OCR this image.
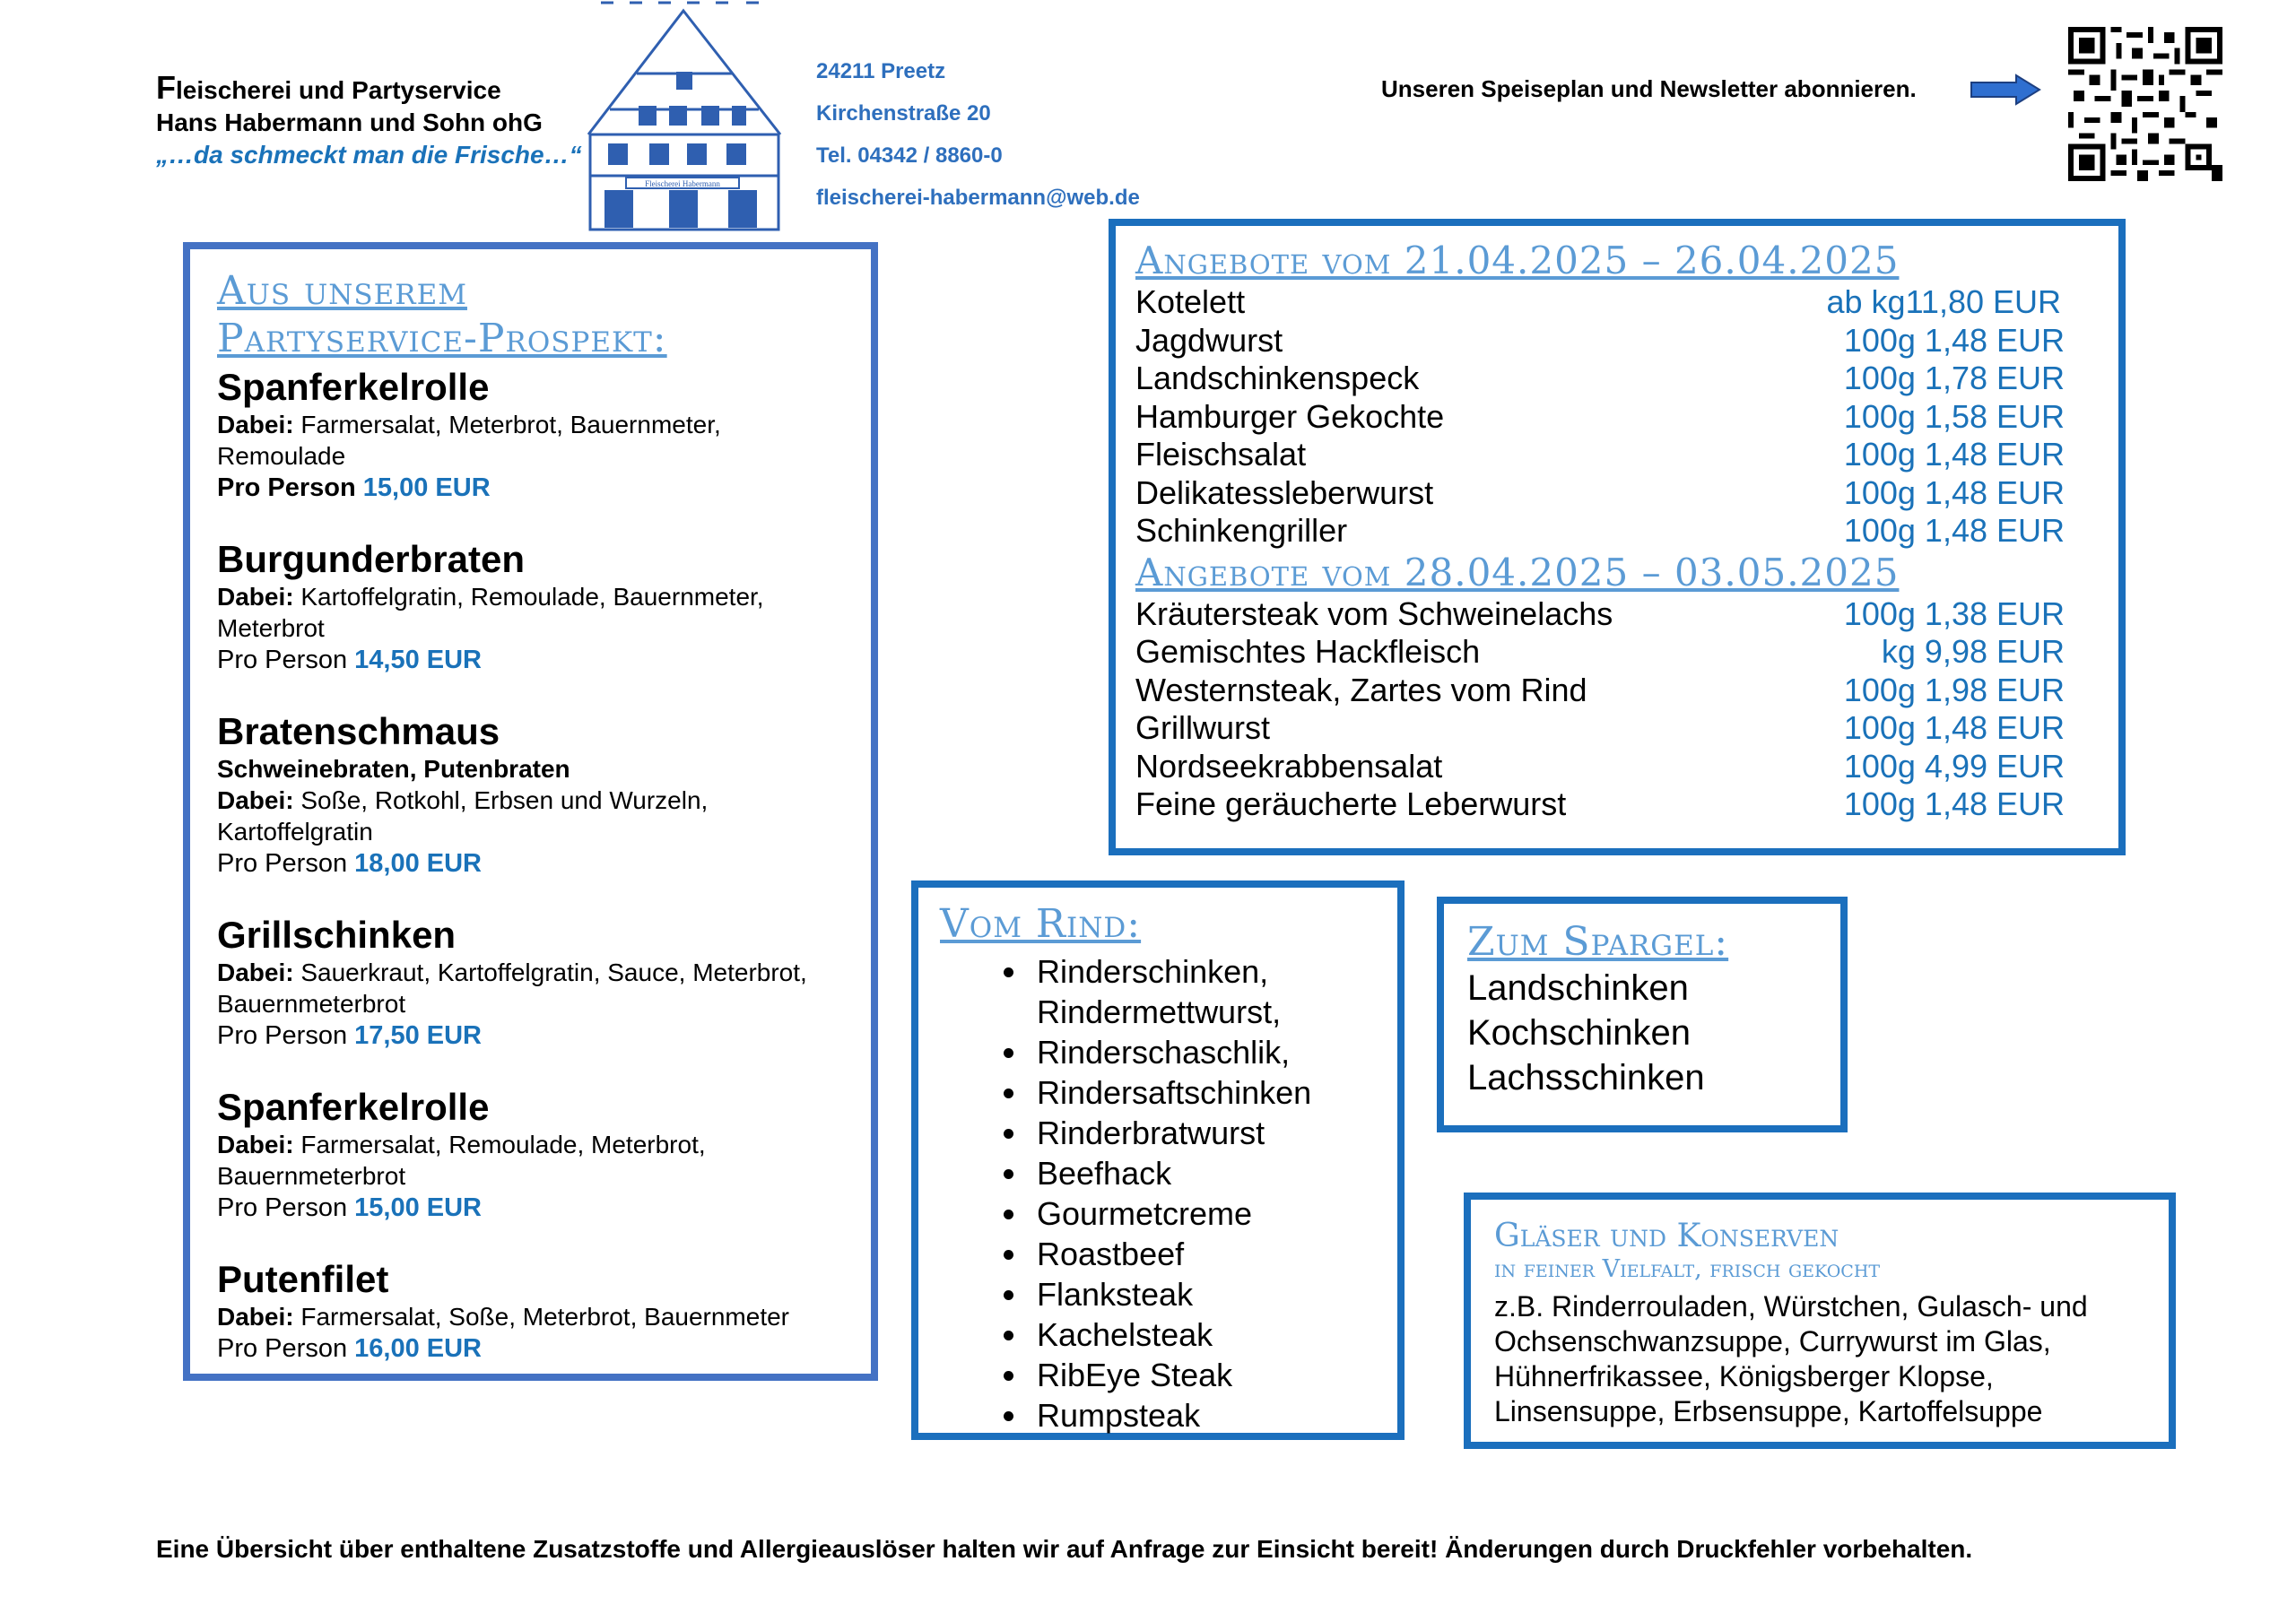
Fleischerei und Partyservice
Hans Habermann und Sohn ohG
„…da schmeckt man die Frische…“
Fleischerei Habermann
24211 Preetz
Kirchenstraße 20
Tel. 04342 / 8860-0
fleischerei-habermann@web.de
Unseren Speiseplan und Newsletter abonnieren.
Aus unserem
Partyservice-Prospekt:
Spanferkelrolle
Dabei: Farmersalat, Meterbrot, Bauernmeter, Remoulade
Pro Person 15,00 EUR
Burgunderbraten
Dabei: Kartoffelgratin, Remoulade, Bauernmeter, Meterbrot
Pro Person 14,50 EUR
Bratenschmaus
Schweinebraten, Putenbraten
Dabei: Soße, Rotkohl, Erbsen und Wurzeln, Kartoffelgratin
Pro Person 18,00 EUR
Grillschinken
Dabei: Sauerkraut, Kartoffelgratin, Sauce, Meterbrot, Bauernmeterbrot
Pro Person 17,50 EUR
Spanferkelrolle
Dabei: Farmersalat, Remoulade, Meterbrot, Bauernmeterbrot
Pro Person 15,00 EUR
Putenfilet
Dabei: Farmersalat, Soße, Meterbrot, Bauernmeter
Pro Person 16,00 EUR
Angebote vom 21.04.2025 – 26.04.2025
Kotelett	ab kg11,80 EUR
Jagdwurst	100g 1,48 EUR
Landschinkenspeck	100g 1,78 EUR
Hamburger Gekochte	100g 1,58 EUR
Fleischsalat	100g 1,48 EUR
Delikatessleberwurst	100g 1,48 EUR
Schinkengriller	100g 1,48 EUR
Angebote vom 28.04.2025 – 03.05.2025
Kräutersteak vom Schweinelachs	100g 1,38 EUR
Gemischtes Hackfleisch	kg 9,98 EUR
Westernsteak, Zartes vom Rind	100g 1,98 EUR
Grillwurst	100g 1,48 EUR
Nordseekrabbensalat	100g 4,99 EUR
Feine geräucherte Leberwurst	100g 1,48 EUR
Vom Rind:
• Rinderschinken, Rindermettwurst,
• Rinderschaschlik,
• Rindersaftschinken
• Rinderbratwurst
• Beefhack
• Gourmetcreme
• Roastbeef
• Flanksteak
• Kachelsteak
• RibEye Steak
• Rumpsteak
Zum Spargel:
Landschinken
Kochschinken
Lachsschinken
Gläser und Konserven
in feiner Vielfalt, frisch gekocht
z.B. Rinderrouladen, Würstchen, Gulasch- und Ochsenschwanzsuppe, Currywurst im Glas, Hühnerfrikassee, Königsberger Klopse, Linsensuppe, Erbsensuppe, Kartoffelsuppe
Eine Übersicht über enthaltene Zusatzstoffe und Allergieauslöser halten wir auf Anfrage zur Einsicht bereit! Änderungen durch Druckfehler vorbehalten.
